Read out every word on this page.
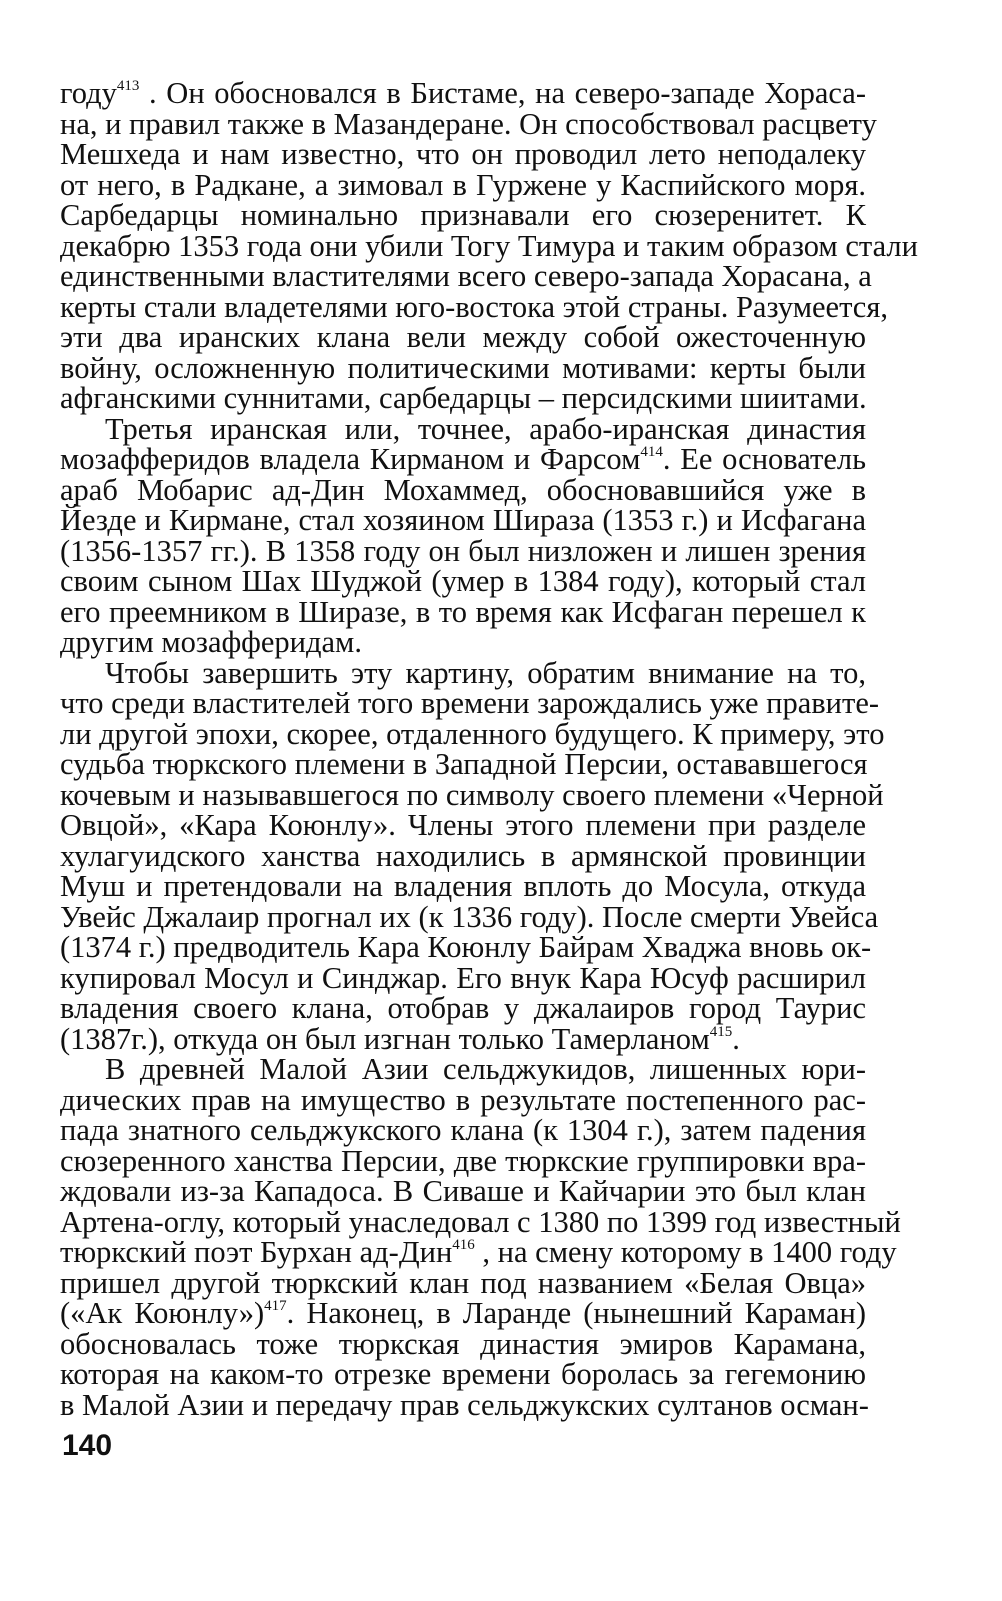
году$^{413}$ . Он обосновался в Бистаме, на северо-западе Хораса-
на, и правил также в Мазандеране. Он способствовал расцвету
Мешхеда и нам известно, что он проводил лето неподалеку
от него, в Радкане, а зимовал в Гуржене у Каспийского моря.
Сарбедарцы номинально признавали его сюзеренитет. К
декабрю 1353 года они убили Тогу Тимура и таким образом стали
единственными властителями всего северо-запада Хорасана, а
керты стали владетелями юго-востока этой страны. Разумеется,
эти два иранских клана вели между собой ожесточенную
войну, осложненную политическими мотивами: керты были
афганскими суннитами, сарбедарцы – персидскими шиитами.
Третья иранская или, точнее, арабо-иранская династия
мозафферидов владела Кирманом и Фарсом$^{414}$. Ее основатель
араб Мобарис ад-Дин Мохаммед, обосновавшийся уже в
Йезде и Кирмане, стал хозяином Шираза (1353 г.) и Исфагана
(1356-1357 гг.). В 1358 году он был низложен и лишен зрения
своим сыном Шах Шуджой (умер в 1384 году), который стал
его преемником в Ширазе, в то время как Исфаган перешел к
другим мозаффеpидам.
Чтобы завершить эту картину, обратим внимание на то,
что среди властителей того времени зарождались уже правите-
ли другой эпохи, скорее, отдаленного будущего. К примеру, это
судьба тюркского племени в Западной Персии, остававшегося
кочевым и называвшегося по символу своего племени «Черной
Овцой», «Кара Коюнлу». Члены этого племени при разделе
хулагуидского ханства находились в армянской провинции
Муш и претендовали на владения вплоть до Мосула, откуда
Увейс Джалаир прогнал их (к 1336 году). После смерти Увейса
(1374 г.) предводитель Кара Коюнлу Байрам Хваджа вновь ок-
купировал Мосул и Синджар. Его внук Кара Юсуф расширил
владения своего клана, отобрав у джалаиров город Таурис
(1387г.), откуда он был изгнан только Тамерланом$^{415}$.
В древней Малой Азии сельджукидов, лишенных юри-
дических прав на имущество в результате постепенного рас-
пада знатного сельджукского клана (к 1304 г.), затем падения
сюзеренного ханства Персии, две тюркские группировки вра-
ждовали из-за Кападоса. В Сиваше и Кайчарии это был клан
Артена-оглу, который унаследовал с 1380 по 1399 год известный
тюркский поэт Бурхан ад-Дин$^{416}$ , на смену которому в 1400 году
пришел другой тюркский клан под названием «Белая Овца»
(«Ак Коюнлу»)$^{417}$. Наконец, в Ларанде (нынешний Караман)
обосновалась тоже тюркская династия эмиров Карамана,
которая на каком-то отрезке времени боролась за гегемонию
в Малой Азии и передачу прав сельджукских султанов осман-
140
